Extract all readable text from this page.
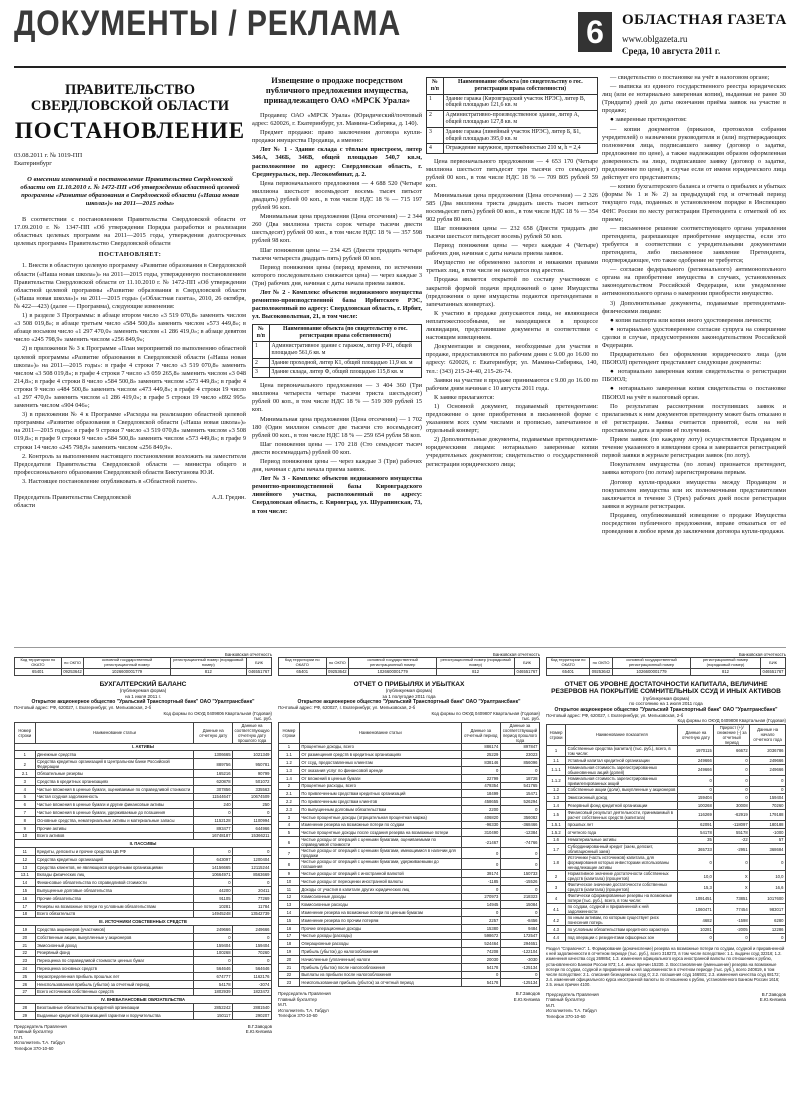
ДОКУМЕНТЫ / РЕКЛАМА	6	ОБЛАСТНАЯ ГАЗЕТА
www.oblgazeta.ru
Среда, 10 августа 2011 г.
ПРАВИТЕЛЬСТВО СВЕРДЛОВСКОЙ ОБЛАСТИ
ПОСТАНОВЛЕНИЕ
03.08.2011 г. № 1019-ПП
Екатеринбург
О внесении изменений в постановление Правительства Свердловской области от 11.10.2010 г. № 1472-ПП «Об утверждении областной целевой программы «Развитие образования в Свердловской области («Наша новая школа»)» на 2011—2015 годы»

В соответствии с постановлением Правительства Свердловской области от 17.09.2010 г. № 1347-ПП «Об утверждении Порядка разработки и реализации областных целевых программ на 2011—2015 годы, утверждения долгосрочных целевых программ» Правительство Свердловской области

ПОСТАНОВЛЯЕТ:

1. Внести в областную целевую программу «Развитие образования в Свердловской области («Наша новая школа»)» на 2011—2015 годы, утвержденную постановлением Правительства Свердловской области от 11.10.2010 г. № 1472-ПП «Об утверждении областной целевой программы «Развитие образования в Свердловской области («Наша новая школа»)» на 2011—2015 годы» («Областная газета», 2010, 26 октября, № 422—423) (далее — Программа), следующие изменения:

1) в разделе 3 Программы: в абзаце втором число «3 519 070,8» заменить числом «3 508 019,8»; в абзаце третьем число «584 500,8» заменить числом «573 449,8»; в абзаце восьмом число «1 297 470,0» заменить числом «1 286 419,0»; в абзаце девятом число «245 798,9» заменить числом «256 849,9»;

2) в приложении № 3 к Программе «План мероприятий по выполнению областной целевой программы «Развитие образования в Свердловской области («Наша новая школа»)» на 2011—2015 годы»: в графе 4 строки 7 число «3 519 070,8» заменить числом «3 508 019,8»; в графе 4 строки 7 число «3 059 265,8» заменить числом «3 048 214,8»; в графе 4 строки 8 число «584 500,8» заменить числом «573 449,8»; в графе 4 строки 9 число «484 500,8» заменить числом «473 449,8»; в графе 4 строки 19 число «1 297 470,0» заменить числом «1 286 419,0»; в графе 5 строки 19 число «892 995» заменить числом «904 046»;

3) в приложении № 4 к Программе «Расходы на реализацию областной целевой программы «Развитие образования в Свердловской области («Наша новая школа»)» на 2011—2015 годы»: в графе 9 строки 7 число «3 519 070,8» заменить числом «3 508 019,8»; в графе 9 строки 9 число «584 500,8» заменить числом «573 449,8»; в графе 9 строки 14 число «245 798,9» заменить числом «256 849,9».

2. Контроль за выполнением настоящего постановления возложить на заместителя Председателя Правительства Свердловской области — министра общего и профессионального образования Свердловской области Биктуганова Ю.И.

3. Настоящее постановление опубликовать в «Областной газете».

Председатель Правительства Свердловской области
А.Л. Гредин.
Извещение о продаже посредством публичного предложения имущества, принадлежащего ОАО «МРСК Урала»

Продавец: ОАО «МРСК Урала» (Юридический/почтовый адрес: 620026, г. Екатеринбург, ул. Мамина-Сибиряка, д. 140).

Предмет продажи: право заключения договора купли-продажи имущества Продавца, а именно:

Лот № 1 - Здание склада с тёплым пристроем, литер 346А, 346Б, 346В, общей площадью 540,7 кв.м, расположенное по адресу: Свердловская область, г. Среднеуральск, пер. Лесокомбинат, д. 2.

Цена первоначального предложения — 4 688 520 (Четыре миллиона шестьсот восемьдесят восемь тысяч пятьсот двадцать) рублей 00 коп., в том числе НДС 18 % — 715 197 рублей 96 коп.

Минимальная цена предложения (Цена отсечения) — 2 344 260 (Два миллиона триста сорок четыре тысячи двести шестьдесят) рублей 00 коп., в том числе НДС 18 % — 357 598 рублей 98 коп.

Шаг понижения цены — 234 425 (Двести тридцать четыре тысячи четыреста двадцать пять) рублей 00 коп.

Период понижения цены (период времени, по истечении которого последовательно снижается цена) — через каждые 3 (Три) рабочих дня, начиная с даты начала приема заявок.

Лот № 2 - Комплекс объектов недвижимого имущества ремонтно-производственной базы Ирбитского РЭС, расположенный по адресу: Свердловская область, г. Ирбит, ул. Высоковольтная, 21, в том числе:

№ п/п	Наименование объекта (по свидетельству о гос. регистрации права собственности)
1	Административное здание с гаражом, литер Р-Р1, общей площадью 561,6 кв. м
2	Здание проходной, литер К1, общей площадью 11,9 кв. м
3	Здание склада, литер Ф, общей площадью 115,8 кв. м

Цена первоначального предложения — 3 404 360 (Три миллиона четыреста четыре тысячи триста шестьдесят) рублей 00 коп., в том числе НДС 18 % — 519 309 рублей 15 коп.

Минимальная цена предложения (Цена отсечения) — 1 702 180 (Один миллион семьсот две тысячи сто восемьдесят) рублей 00 коп., в том числе НДС 18 % — 259 654 рубля 58 коп.

Шаг понижения цены — 170 218 (Сто семьдесят тысяч двести восемнадцать) рублей 00 коп.

Период понижения цены — через каждые 3 (Три) рабочих дня, начиная с даты начала приема заявок.

Лот № 3 - Комплекс объектов недвижимого имущества ремонтно-производственной базы Кировградского линейного участка, расположенный по адресу: Свердловская область, г. Кировград, ул. Шурапинская, 73, в том числе:

№ п/п	Наименование объекта (по свидетельству о гос. регистрации права собственности)
1	Здание гаража (Кировградский участок НРЭС), литер В, общей площадью 121,6 кв. м
2	Административно-производственное здание, литер А, общей площадью 127,8 кв. м
3	Здание гаража (линейный участок НРЭС), литер Б, Б1, общей площадью 395,0 кв. м
4	Ограждение наружное, протяжённостью 210 м, h = 2,4

Цена первоначального предложения — 4 653 170 (Четыре миллиона шестьсот пятьдесят три тысячи сто семьдесят) рублей 00 коп., в том числе НДС 18 % — 709 805 рублей 59 коп.

Минимальная цена предложения (Цена отсечения) — 2 326 585 (Два миллиона триста двадцать шесть тысяч пятьсот восемьдесят пять) рублей 00 коп., в том числе НДС 18 % — 354 902 рубля 80 коп.

Шаг понижения цены — 232 658 (Двести тридцать две тысячи шестьсот пятьдесят восемь) рублей 50 коп.

Период понижения цены — через каждые 4 (Четыре) рабочих дня, начиная с даты начала приема заявок.

Имущество не обременено залогом и никакими правами третьих лиц, в том числе не находится под арестом.

Продажа является открытой по составу участников с закрытой формой подачи предложений о цене Имущества (предложения о цене имущества подаются претендентами в запечатанных конвертах).

К участию в продаже допускаются лица, не являющиеся неплатежеспособными, не находящиеся в процессе ликвидации, представившие документы в соответствии с настоящим извещением.

Документация и сведения, необходимые для участия в продаже, предоставляются по рабочим дням с 9.00 до 16.00 по адресу: 620026, г. Екатеринбург, ул. Мамина-Сибиряка, 140, тел.: (343) 215-24-40, 215-26-74.

Заявки на участие в продаже принимаются с 9.00 до 16.00 по рабочим дням начиная с 10 августа 2011 года.

К заявке прилагаются:

1) Основной документ, подаваемый претендентами: предложение о цене приобретения в письменной форме с указанием всех сумм числами и прописью, запечатанное в отдельный конверт;

2) Дополнительные документы, подаваемые претендентами-юридическими лицами: нотариально заверенные копии учредительных документов; свидетельство о государственной регистрации юридического лица;

— свидетельство о постановке на учёт в налоговом органе;

— выписка из единого государственного реестра юридических лиц (или ее нотариально заверенная копия), выданная не ранее 30 (Тридцати) дней до даты окончания приёма заявок на участие в продаже;

● заверенные претендентом:

— копии документов (приказов, протоколов собрания учредителей) о назначении руководителя и (или) подтверждающих полномочия лица, подписавшего заявку (договор о задатке, предложение по цене), а также надлежащим образом оформленная доверенность на лицо, подписавшее заявку (договор о задатке, предложение по цене), в случае если от имени юридического лица действует его представитель;

— копию бухгалтерского баланса и отчета о прибылях и убытках (формы № 1 и № 2) за предыдущий год и отчетный период текущего года, поданных в установленном порядке в Инспекцию ФНС России по месту регистрации Претендента с отметкой об их приеме;

— письменное решение соответствующего органа управления претендента, разрешающее приобретение имущества, если это требуется в соответствии с учредительными документами претендента, либо письменное заявление Претендента, подтверждающее, что такое одобрение не требуется;

— согласие федерального (регионального) антимонопольного органа на приобретение имущества в случаях, установленных законодательством Российской Федерации, или уведомление антимонопольного органа о намерении приобрести имущество.

3) Дополнительные документы, подаваемые претендентами-физическими лицами:

● копия паспорта или копия иного удостоверения личности;

● нотариально удостоверенное согласие супруга на совершение сделки в случае, предусмотренном законодательством Российской Федерации.

Предварительно без оформления юридического лица (для ПБОЮЛ) претендент представляет следующие документы:

● нотариально заверенная копия свидетельства о регистрации ПБОЮЛ;

● нотариально заверенная копия свидетельства о постановке ПБОЮЛ на учёт в налоговый орган.

По результатам рассмотрения поступивших заявок и прилагаемых к ним документов претенденту может быть отказано в её регистрации. Заявка считается принятой, если на ней проставлены дата и время её получения.

Прием заявок (по каждому лоту) осуществляется Продавцом в течение указанного в извещении срока и завершается регистрацией первой заявки в журнале регистрации заявок (по лоту).

Покупателем имущества (по лотам) признается претендент, заявка которого (по лотам) зарегистрирована первым.

Договор купли-продажи имущества между Продавцом и покупателем имущества или их полномочными представителями заключается в течение 3 (Трех) рабочих дней после регистрации заявки в журнале регистрации.

Продавец, опубликовавший извещение о продаже Имущества посредством публичного предложения, вправе отказаться от её проведения в любое время до заключения договора купли-продажи.

Банковская отчетность
Код территории по ОКАТО	по ОКПО	основной государственный регистрационный номер	регистрационный номер (порядковый номер)	БИК
65401	09253642	1026600001779	812	046551767
БУХГАЛТЕРСКИЙ БАЛАНС
(публикуемая форма)
на 1 июля 2011 г.
Открытое акционерное общество "Уральский Транспортный банк" ОАО "Уралтрансбанк"
Почтовый адрес: РФ, 620027, г. Екатеринбург, ул. Мельковская, 2-б
Код формы по ОКУД 0409806 Квартальная (Годовая)
тыс. руб.
Номер строки	Наименование статьи	Данные на отчетную дату	Данные на соответствующую отчетную дату прошлого года
I. АКТИВЫ			
1	Денежные средства	1306665	1021349
2	Средства кредитных организаций в Центральном банке Российской Федерации	889756	950781
2.1	Обязательные резервы	165216	90799
3	Средства в кредитных организациях	620878	501072
4	Чистые вложения в ценные бумаги, оцениваемые по справедливой стоимости	307856	335563
5	Чистая ссудная задолженность	11544647	10674509
6	Чистые вложения в ценные бумаги и другие финансовые активы	240	250
7	Чистые вложения в ценные бумаги, удерживаемые до погашения	0	0
8	Основные средства, нематериальные активы и материальные запасы	1152128	1100994
9	Прочие активы	893477	644966
10	Всего активов	16748187	15366211
II. ПАССИВЫ			
11	Кредиты, депозиты и прочие средства ЦБ РФ	0	0
12	Средства кредитных организаций	643097	1200404
13	Средства клиентов, не являющихся кредитными организациями	14156665	12115244
13.1	Вклады физических лиц	10664971	8563669
14	Финансовые обязательства по справедливой стоимости	0	0
15	Выпущенные долговые обязательства	44200	20411
16	Прочие обязательства	91105	77269
17	Резервы на возможные потери по условным обязательствам	10281	11784
18	Всего обязательств	14945248	13542739
III. ИСТОЧНИКИ СОБСТВЕННЫХ СРЕДСТВ			
19	Средства акционеров (участников)	249666	249666
20	Собственные акции, выкупленные у акционеров	0	0
21	Эмиссионный доход	159404	159404
22	Резервный фонд	100268	70260
23	Переоценка по справедливой стоимости ценных бумаг	0	0
24	Переоценка основных средств	564646	564646
25	Нераспределенная прибыль прошлых лет	674777	1162176
26	Неиспользованная прибыль (убыток) за отчетный период	54178	-3074
27	Всего источников собственных средств	1802939	1823472
IV. ВНЕБАЛАНСОВЫЕ ОБЯЗАТЕЛЬСТВА			
28	Безотзывные обязательства кредитной организации	2852242	2881540
29	Выданные кредитной организацией гарантии и поручительства	150117	290207
Председатель Правления	В.Г.Заводов
Главный бухгалтер	Е.Ю.Князева
М.П.
Исполнитель Т.А. Габдул
Телефон 370-10-60
Банковская отчетность
Код территории по ОКАТО	по ОКПО	основной государственный регистрационный номер	регистрационный номер (порядковый номер)	БИК
65401	09253642	1026600001779	812	046551767
ОТЧЕТ О ПРИБЫЛЯХ И УБЫТКАХ
(публикуемая форма)
за 1 полугодие 2011 года
Открытое акционерное общество "Уральский Транспортный банк" ОАО "Уралтрансбанк"
Почтовый адрес: РФ, 620027, г. Екатеринбург, ул. Мельковская, 2-б
Код формы по ОКУД 0409807 Квартальная (Годовая)
тыс. руб.
Номер строки	Наименование статьи	Данные за отчетный период	Данные за соответствующий период прошлого года
1	Процентные доходы, всего	886174	897847
1.1	От размещения средств в кредитных организациях	25229	23023
1.2	От ссуд, предоставленных клиентам	838146	856096
1.3	От оказания услуг по финансовой аренде	0	0
1.4	От вложений в ценные бумаги	22799	18728
2	Процентные расходы, всего	479354	541765
2.1	По привлеченным средствам кредитных организаций	18499	15471
2.2	По привлеченным средствам клиентов	458655	526294
2.3	По выпущенным долговым обязательствам	2200	0
3	Чистые процентные доходы (отрицательная процентная маржа)	406820	356082
4	Изменение резерва на возможные потери по ссудам	-96330	-368466
5	Чистые процентные доходы после создания резерва на возможные потери	310490	-12384
6	Чистые доходы от операций с ценными бумагами, оцениваемыми по справедливой стоимости	-21467	-74766
7	Чистые доходы от операций с ценными бумагами, имеющимися в наличии для продажи	0	0
8	Чистые доходы от операций с ценными бумагами, удерживаемыми до погашения	0	0
9	Чистые доходы от операций с иностранной валютой	39174	150733
10	Чистые доходы от переоценки иностранной валюты	-1185	-15526
11	Доходы от участия в капитале других юридических лиц	0	0
12	Комиссионные доходы	270973	218323
13	Комиссионные расходы	14945	15084
14	Изменение резерва на возможные потери по ценным бумагам	0	0
15	Изменение резерва по прочим потерям	2257	-8456
16	Прочие операционные доходы	15380	9484
17	Чистые доходы (расходы)	598672	172547
18	Операционные расходы	524464	294651
19	Прибыль (убыток) до налогообложения	74208	-122104
20	Начисленные (уплаченные) налоги	20030	-3030
21	Прибыль (убыток) после налогообложения	54178	-125134
22	Выплаты из прибыли после налогообложения	0	0
23	Неиспользованная прибыль (убыток) за отчетный период	54178	-125134
Председатель Правления	В.Г.Заводов
Главный бухгалтер	Е.Ю.Князева
М.П.
Исполнитель Т.А. Габдул
Телефон 370-10-60
Банковская отчетность
Код территории по ОКАТО	по ОКПО	основной государственный регистрационный номер	регистрационный номер (порядковый номер)	БИК
65401	09253642	1026600001779	812	046551767
ОТЧЕТ ОБ УРОВНЕ ДОСТАТОЧНОСТИ КАПИТАЛА, ВЕЛИЧИНЕ РЕЗЕРВОВ НА ПОКРЫТИЕ СОМНИТЕЛЬНЫХ ССУД И ИНЫХ АКТИВОВ
(публикуемая форма)
по состоянию на 1 июля 2011 года
Открытое акционерное общество "Уральский Транспортный банк" ОАО "Уралтрансбанк"
Почтовый адрес: РФ, 620027, г. Екатеринбург, ул. Мельковская, 2-б
Код формы по ОКУД 0409808 Квартальная (Годовая)
Номер строки	Наименование показателя	Данные на отчетную дату	Прирост (+)/снижение (-) за отчетный период	Данные на начало отчетного года
1	Собственные средства (капитал) (тыс. руб.), всего, в том числе:	1970115	66672	2036786
1.1	Уставный капитал кредитной организации	249666	0	249666
1.1.1	Номинальная стоимость зарегистрированных обыкновенных акций (долей)	249666	0	249666
1.1.2	Номинальная стоимость зарегистрированных привилегированных акций	0	0	0
1.2	Собственные акции (доли), выкупленные у акционеров	0	0	0
1.3	Эмиссионный доход	159404	0	159404
1.4	Резервный фонд кредитной организации	100268	30008	70260
1.5	Финансовый результат деятельности, принимаемый в расчет собственных средств (капитала)	116269	-62919	179188
1.5.1	прошлых лет	62091	-118097	180188
1.5.2	отчетного года	54178	55178	-1000
1.6	Нематериальные активы	35	-22	57
1.7	Субординированный кредит (заем, депозит, облигационный заем)	365733	-2951	368684
1.8	Источники (часть источников) капитала, для формирования которых инвесторами использованы ненадлежащие активы	0	0	0
2	Нормативное значение достаточности собственных средств (капитала) (процентов)	10,0	X	10,0
3	Фактическое значение достаточности собственных средств (капитала) (процентов)	15,3	X	16,6
4	Фактически сформированные резервы на возможные потери (тыс. руб.), всего, в том числе:	1091451	73851	1017600
4.1	по ссудам, ссудной и приравненной к ней задолженности	1060471	77454	983017
4.2	по иным активам, по которым существует риск понесения потерь	4682	-1598	6280
4.3	по условным обязательствам кредитного характера	10281	-2005	12286
4.4	под операции с резидентами офшорных зон	0	0	0
Раздел "Справочно": 1. Формирование (доначисление) резерва на возможные потери по ссудам, ссудной и приравненной к ней задолженности в отчетном периоде (тыс. руб.), всего 318273, в том числе вследствие: 1.1. выдачи ссуд 32316; 1.2. изменения качества ссуд 269854; 1.3. изменения официального курса иностранной валюты по отношению к рублю, установленного Банком России 873; 1.4. иных причин 15230. 2. Восстановление (уменьшение) резерва на возможные потери по ссудам, ссудной и приравненной к ней задолженности в отчетном периоде (тыс. руб.), всего 240819, в том числе вследствие: 2.1. списания безнадежных ссуд 0; 2.2. погашения ссуд 166931; 2.3. изменения качества ссуд 68172; 2.4. изменения официального курса иностранной валюты по отношению к рублю, установленного Банком России 1616; 2.5. иных причин 4100.
Председатель Правления	В.Г.Заводов
Главный бухгалтер	Е.Ю.Князева
М.П.
Исполнитель Т.А. Габдул
Телефон 370-10-60
